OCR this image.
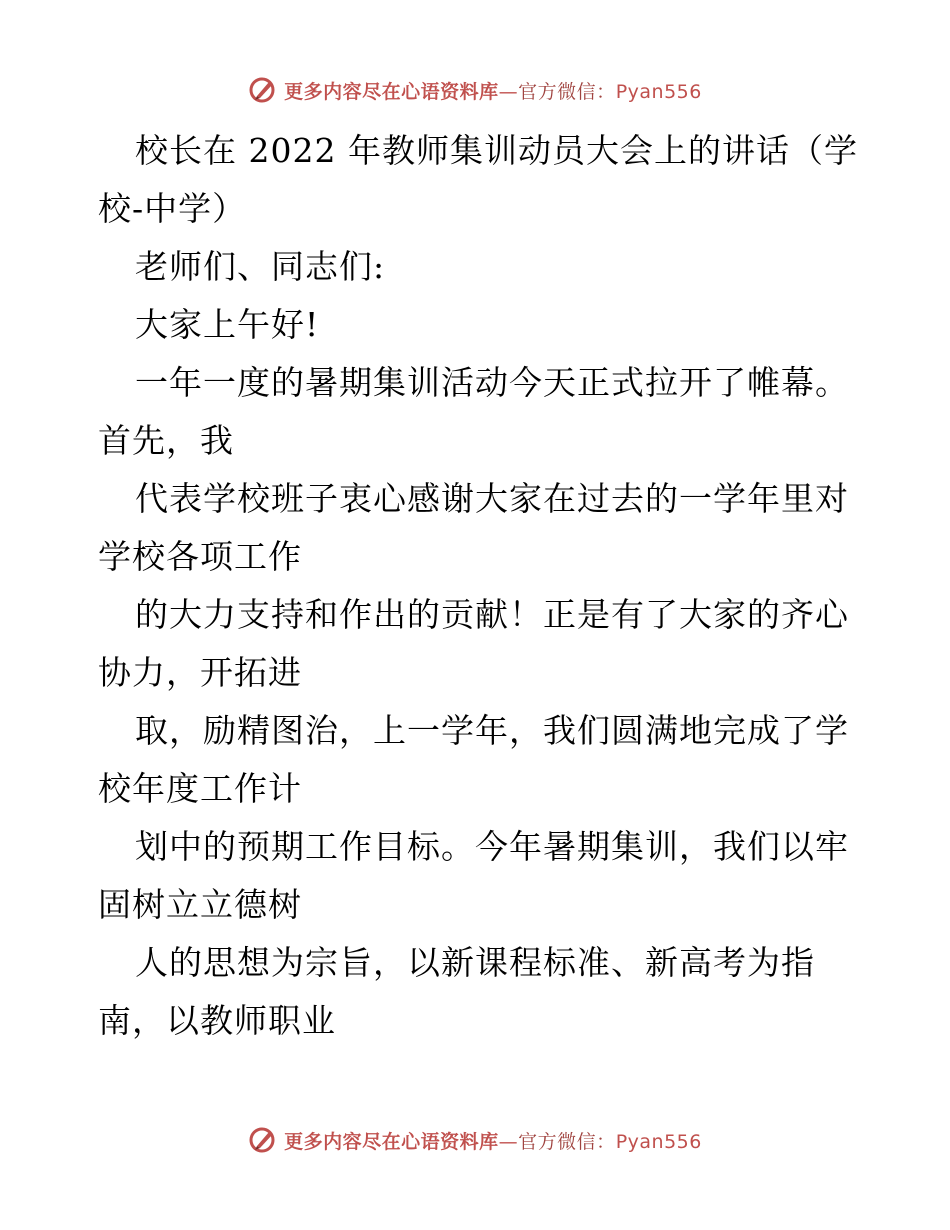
更多内容尽在心语资料库—官方微信：Pyan556
校长在 2022 年教师集训动员大会上的讲话（学
校-中学）
老师们、同志们:
大家上午好!
一年一度的暑期集训活动今天正式拉开了帷幕。
首先，我
代表学校班子衷心感谢大家在过去的一学年里对
学校各项工作
的大力支持和作出的贡献！正是有了大家的齐心
协力，开拓进
取，励精图治，上一学年，我们圆满地完成了学
校年度工作计
划中的预期工作目标。今年暑期集训，我们以牢
固树立立德树
人的思想为宗旨，以新课程标准、新高考为指
南，以教师职业
更多内容尽在心语资料库—官方微信：Pyan556
